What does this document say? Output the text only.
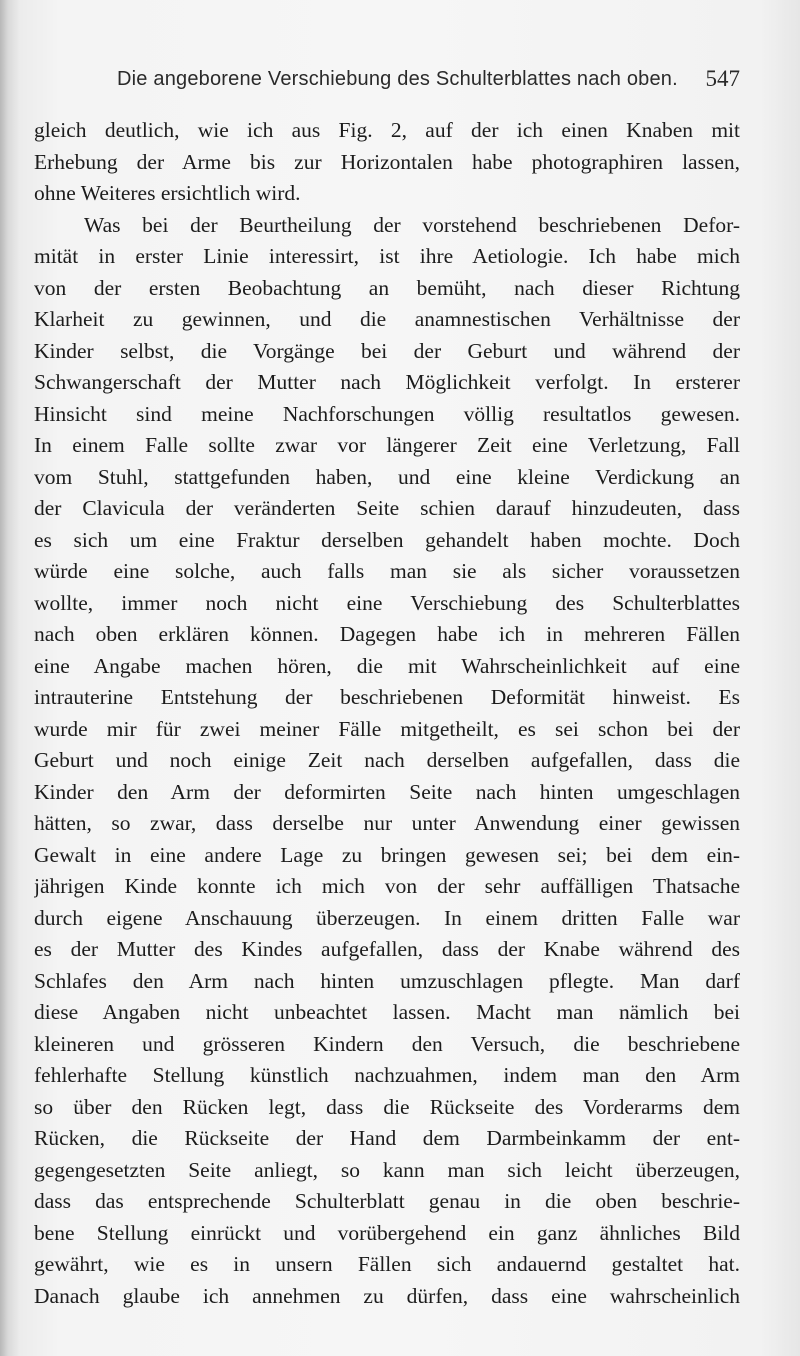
Die angeborene Verschiebung des Schulterblattes nach oben. 547
gleich deutlich, wie ich aus Fig. 2, auf der ich einen Knaben mit
Erhebung der Arme bis zur Horizontalen habe photographiren lassen,
ohne Weiteres ersichtlich wird.
Was bei der Beurtheilung der vorstehend beschriebenen Defor-
mität in erster Linie interessirt, ist ihre Aetiologie. Ich habe mich
von der ersten Beobachtung an bemüht, nach dieser Richtung
Klarheit zu gewinnen, und die anamnestischen Verhältnisse der
Kinder selbst, die Vorgänge bei der Geburt und während der
Schwangerschaft der Mutter nach Möglichkeit verfolgt. In ersterer
Hinsicht sind meine Nachforschungen völlig resultatlos gewesen.
In einem Falle sollte zwar vor längerer Zeit eine Verletzung, Fall
vom Stuhl, stattgefunden haben, und eine kleine Verdickung an
der Clavicula der veränderten Seite schien darauf hinzudeuten, dass
es sich um eine Fraktur derselben gehandelt haben mochte. Doch
würde eine solche, auch falls man sie als sicher voraussetzen
wollte, immer noch nicht eine Verschiebung des Schulterblattes
nach oben erklären können. Dagegen habe ich in mehreren Fällen
eine Angabe machen hören, die mit Wahrscheinlichkeit auf eine
intrauterine Entstehung der beschriebenen Deformität hinweist. Es
wurde mir für zwei meiner Fälle mitgetheilt, es sei schon bei der
Geburt und noch einige Zeit nach derselben aufgefallen, dass die
Kinder den Arm der deformirten Seite nach hinten umgeschlagen
hätten, so zwar, dass derselbe nur unter Anwendung einer gewissen
Gewalt in eine andere Lage zu bringen gewesen sei; bei dem ein-
jährigen Kinde konnte ich mich von der sehr auffälligen Thatsache
durch eigene Anschauung überzeugen. In einem dritten Falle war
es der Mutter des Kindes aufgefallen, dass der Knabe während des
Schlafes den Arm nach hinten umzuschlagen pflegte. Man darf
diese Angaben nicht unbeachtet lassen. Macht man nämlich bei
kleineren und grösseren Kindern den Versuch, die beschriebene
fehlerhafte Stellung künstlich nachzuahmen, indem man den Arm
so über den Rücken legt, dass die Rückseite des Vorderarms dem
Rücken, die Rückseite der Hand dem Darmbeinkamm der ent-
gegengesetzten Seite anliegt, so kann man sich leicht überzeugen,
dass das entsprechende Schulterblatt genau in die oben beschrie-
bene Stellung einrückt und vorübergehend ein ganz ähnliches Bild
gewährt, wie es in unsern Fällen sich andauernd gestaltet hat.
Danach glaube ich annehmen zu dürfen, dass eine wahrscheinlich
